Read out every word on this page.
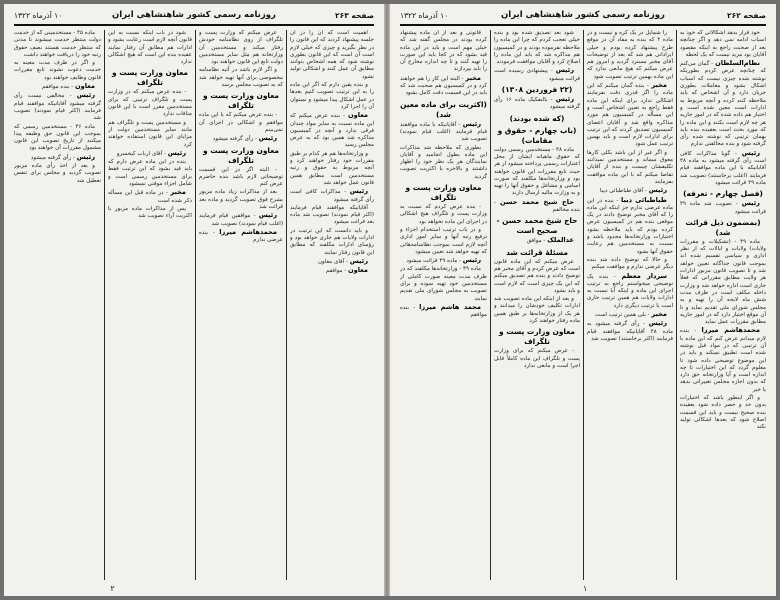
صفحه ۲۶۳
روزنامه رسمی کشور شاهنشاهی ایران
۱۰ آذرماه ۱۳۲۲

اهمیت است که آن را در آن جلسه پیشنهاد کردند که این قانون را در نظر بگیرید و چیزی که خیلی لازم است آن است که این قانون بطوری نوشته شود که همه اشخاص بتوانند مطابق آن عمل کنند و اشکالی تولید نشود

و بنده یقین دارم که اگر این ماده را به این ترتیب تصویب کنیم بعدها در عمل اشکال پیدا میشود و نمیتوان آن را اجرا کرد

معاون - بنده عرض میکنم که این ماده نسبت به سایر مواد چندان فرقی ندارد و آنچه در کمیسیون مذاکره شد همین بود که به عرض مجلس رسید

و وزارتخانه‌ها هم هر کدام بر طبق مقررات خود رفتار خواهند کرد و آنچه مربوط به حقوق و رتبه مستخدمین است مطابق همین قانون عمل خواهد شد

رئیس - مذاکرات کافی است رأی گرفته میشود

آقایانیکه موافقند قیام فرمایند (اکثر قیام نمودند) تصویب شد ماده بعد قرائت میشود

و باید دانست که این ترتیب در ادارات ولایات هم جاری خواهد بود و رؤسای ادارات مکلفند که مطابق این قانون رفتار نمایند

رئیس - آقای معاون

معاون - موافقم

عرض میکنم که وزارت پست و تلگراف از روی نظامنامه خودش رفتار میکند و مستخدمین آن وزارتخانه هم مثل سایر مستخدمین دولت تابع این قانون خواهند بود

و اگر لازم باشد در آتیه نظامنامه مخصوصی برای آنها تهیه خواهد شد که به تصویب مجلس برسد

معاون وزارت پست و تلگراف

- بنده عرض میکنم که با این ماده موافقم و اشکالی در اجرای آن نمی‌بینم

رئیس - رأی گرفته میشود

معاون وزارت پست و تلگراف

- البته اگر در این قسمت توضیحاتی لازم باشد بنده حاضرم عرض کنم

بعد از مذاکرات زیاد ماده مزبور بشرح فوق تصویب گردید و ماده بعد قرائت شد

رئیس - موافقین قیام فرمایند (اغلب قیام نمودند) تصویب شد

محمدهاشم میرزا - بنده عرضی ندارم

شود در باب اینکه نسبت به این قانون آنچه لازم است رعایت بشود و ادارات هم مطابق آن رفتار نمایند عقیده بنده این است که هیچ اشکالی ندارد

معاون وزارت پست و تلگراف

- بنده عرض میکنم که در وزارت پست و تلگراف ترتیبی که برای مستخدمین مقرر است با این قانون منافات ندارد

و مستخدمین پست و تلگراف هم مانند سایر مستخدمین دولت از مزایای این قانون استفاده خواهند کرد

رئیس - آقای ارباب کیخسرو

بنده در این ماده عرض دارم که باید قید بشود که این ترتیب فقط برای مستخدمین رسمی است و شامل اجزاء موقتی نمیشود

مخبر - در ماده قبل این مسأله ذکر شده است

پس از مذاکرات ماده مزبور با اکثریت آراء تصویب شد

ماده ۴۵ - مستخدمینی که از خدمت دولت منتظر خدمت میشوند تا مدتی که منتظر خدمت هستند نصف حقوق رتبه خود را دریافت خواهند داشت

و اگر در ظرف مدت معینه به خدمت دعوت نشوند تابع مقررات قانون وظایف خواهند بود

معاون - بنده موافقم

رئیس - مخالفی نیست رأی گرفته میشود آقایانیکه موافقند قیام فرمایند (اکثر قیام نمودند) تصویب شد

ماده ۴۶ - مستخدمین رسمی که بموجب این قانون حق وظیفه پیدا میکنند از تاریخ تصویب این قانون مشمول مقررات آن خواهند بود

رئیس - رأی گرفته میشود

و بعد از اخذ رأی ماده مزبور تصویب گردید و مجلس برای تنفس تعطیل شد

۲
صفحه ۲۶۲
روزنامه رسمی کشور شاهنشاهی ایران
۱۰ آذرماه ۱۳۲۲

خود قرار بدهد اشکالاتی که خود به اسباب ادامه نمی دهد و اگر چنانچه بعد از صحبت راجع به اینکه مقصود آقایان بود مزید نیست که یک لحظه

نظام‌السلطان - گمان می‌کنم که چنانچه عرض کردم بطوریکه نوشته شده چیزی نیست که اسباب اشکال بشود و معاملات بطوری جریان دارد و آن اشخاص که باید ملاحظه کنند کرده و آنچه مربوط به ادارات است معین شده است و اختیار هم داده شده که در امور جاریه هر چه لازم است بکنند و این ماده را که مورد بحث است بعقیده بنده باید بهمان ترتیبی که نوشته شده رأی گرفته شود و بنده مخالفتی ندارم

رئیس - گویا مذاکرات کافی است رأی گرفته میشود به ماده ۴۸ آقایانیکه با این ماده موافقند قیام فرمایند (اغلب برخاستند) تصویب شد ماده ۴۹ قرائت میشود

(فصل چهارم - تعرفه)

رئیس - تصویب شد ماده ۴۹ قرائت میشود

(بمضمون ذیل قرائت شد)

ماده ۴۹ - (تشکیلات و مقررات ولایات) ولایات و ایالات که از نظر اداری و سیاسی تقسیم شده اند بموجب قانون جداگانه تعیین خواهد شد و تا تصویب قانون مزبور ادارات هر ولایت مطابق مقرراتی که فعلاً جاری است اداره خواهد شد و وزارت داخله مکلف است در ظرف مدت شش ماه لایحه آن را تهیه و به مجلس شورای ملی تقدیم نماید و تا آن موقع اختیار دارد که در امور جاریه مطابق مقررات عمل نماید

محمدهاشم میرزا - بنده لازم میدانم عرض کنم که این ماده با آن ترتیبی که در مواد قبل نوشته شده است تطبیق نمیکند و باید در این موضوع توضیحی داده شود تا معلوم گردد که این اختیارات تا چه اندازه است و آیا وزارتخانه حق دارد که بدون اجازه مجلس تغییراتی بدهد یا خیر

و اگر اینطور باشد که اختیارات بدون حد و حصر داده شود بعقیده بنده صحیح نیست و باید این قسمت اصلاح شود که بعدها اشکالی تولید نکند

را شمایل در یک کره و نیست و در ماده ۴ که بنده به مفاد آن در موقع طرح پیشنهاد کرده بودم و خیلی ایراداتی هم شد که بعد از توضیحات آقای مخبر مسترد گردید و امروز هم عرض میکنم که هیچ مانعی ندارد که این ماده بهمین ترتیب تصویب شود

مخبر - بنده گمان میکنم که این ماده را اگر قدری دقت بفرمایند اشکالی ندارد برای اینکه این ماده فقط راجع به تعیین اشخاص است و این مسأله در کمیسیون هم مورد مذاکره واقع شد و آقایان اعضای کمیسیون تصدیق کردند که این ترتیب برای ادارات لازم است و باید بهمین ترتیب عمل شود

و اگر غیر از این باشد بکلی کارها معوق میماند و مستخدمین نمیدانند تکلیفشان چیست و بنده از آقایان تقاضا میکنم که با این ماده موافقت بفرمایند

رئیس - آقای طباطبائی دیبا

طباطبائی دیبا - بنده در این ماده عرضی ندارم جز اینکه این ماده را که آقای مخبر توضیح دادند در یک موقعی بنده هم در کمیسیون عرض کرده بودم که باید ملاحظه بشود اختیارات وزارتخانه‌ها محدود باشد و نسبت به مستخدمین هم رعایت حقوق آنها بشود

و حالا که توضیح داده شد بنده دیگر عرضی ندارم و موافقت میکنم

سردار معظم - بنده یک توضیحی میخواستم راجع به ترتیب اجرای این ماده و اینکه آیا نسبت به ادارات ولایات هم همین ترتیب جاری است یا ترتیب دیگری دارد

مخبر - بلی همین ترتیب است

رئیس - رأی گرفته میشود به ماده ۴۸ آقایانیکه موافقند قیام فرمایند (اکثر برخاستند) تصویب شد

شود بعد تصدیق شده بود و بنده خیلی تعجب کردم که چرا این ماده را ملاحظه نفرموده بودند و در کمیسیون هم مذاکره شد که باید این ماده را اصلاح کرد و آقایان موافقت فرمودند

رئیس - پیشنهادی رسیده است قرائت میشود

(۲۲ فروردین ۱۳۰۸)

رئیس - بالتفکیک ماده ۱۶ رأی گرفته میشود

(که شده بودند)
(باب چهارم - حقوق و مقامات)

ماده ۴۸ - مستخدمین رسمی دولت که حقوق ماهیانه ایشان از محل اعتبارات رسمی پرداخته میشود از هر حیث تابع مقررات این قانون خواهند بود و وزارتخانه‌ها مکلفند که صورت اسامی و مشاغل و حقوق آنها را تهیه و به وزارت مالیه ارسال دارند

حاج شیخ محمد حسن - بنده مخالفم

حاج شیخ محمد حسن - صحیح است

عدالملک - موافق

مسئلهٔ قرائت شد

عرض میکنم که این ماده قانون است که عرض کردم و آقای مخبر هم توضیح دادند و بنده هم تصدیق میکنم که این یک چیزی است که لازم است و باید بشود

و بعد از اینکه این ماده تصویب شد ادارات تکلیف خودشان را میدانند و هر یک از وزارتخانه‌ها بر طبق همین ماده رفتار خواهند کرد

معاون وزارت پست و تلگراف

- عرض میکنم که برای وزارت پست و تلگراف این ماده کاملاً قابل اجرا است و مانعی ندارد

قانونی و بعد از آن ماده پیشنهاد کرده بودند در مجلس گفته شد که خیلی مهم است و باید در این ماده قید بشود که در کجا باید این صورت را تهیه کنند و تا چه اندازه مخارج آن را باید بپردازند

مخبر - البته این کار را هم خواهند کرد و در کمیسیون هم صحبت شد که باید در این قسمت دقت کامل بشود

(اکثریت برای ماده معین شد)

رئیس - آقایانیکه با ماده موافقند قیام فرمایند (اغلب قیام نمودند) تصویب شد

بطوری که ملاحظه شد مذاکرات این ماده بطول انجامید و آقایان نمایندگان هر یک نظر خود را اظهار داشتند و بالاخره با اکثریت تصویب گردید

معاون وزارت پست و تلگراف

- بنده عرض کردم که نسبت به وزارت پست و تلگراف هیچ اشکالی در اجرای این ماده نخواهد بود

و در باب ترتیب استخدام اجزاء و ترفیع رتبه آنها و سایر امور اداری آنچه لازم است بموجب نظامنامه‌هائی که تهیه خواهد شد تعیین میشود

رئیس - ماده ۴۹ قرائت میشود

ماده ۴۹ - وزارتخانه‌ها مکلفند که در ظرف مدت معینه صورت کاملی از مستخدمین خود تهیه نموده و برای تصویب به مجلس شورای ملی تقدیم نمایند

محمد هاشم میرزا - بنده موافقم

۱
